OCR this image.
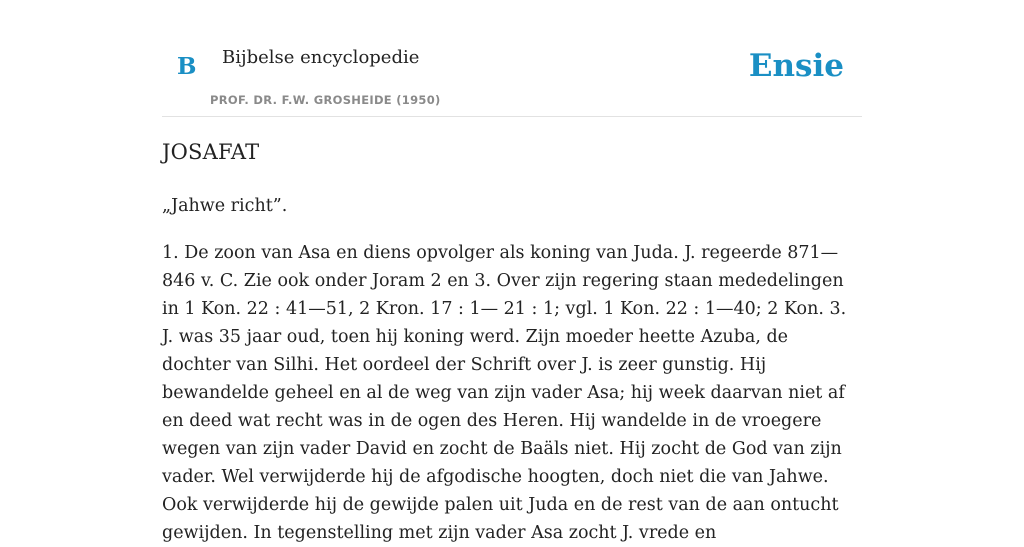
B Bijbelse encyclopedie
PROF. DR. F.W. GROSHEIDE (1950)
Ensie
JOSAFAT

„Jahwe richt”.

1. De zoon van Asa en diens opvolger als koning van Juda. J. regeerde 871—846 v. C. Zie ook onder Joram 2 en 3. Over zijn regering staan mededelingen in 1 Kon. 22 : 41—51, 2 Kron. 17 : 1— 21 : 1; vgl. 1 Kon. 22 : 1—40; 2 Kon. 3. J. was 35 jaar oud, toen hij koning werd. Zijn moeder heette Azuba, de dochter van Silhi. Het oordeel der Schrift over J. is zeer gunstig. Hij bewandelde geheel en al de weg van zijn vader Asa; hij week daarvan niet af en deed wat recht was in de ogen des Heren. Hij wandelde in de vroegere wegen van zijn vader David en zocht de Baäls niet. Hij zocht de God van zijn vader. Wel verwijderde hij de afgodische hoogten, doch niet die van Jahwe. Ook verwijderde hij de gewijde palen uit Juda en de rest van de aan ontucht gewijden. In tegenstelling met zijn vader Asa zocht J. vrede en
